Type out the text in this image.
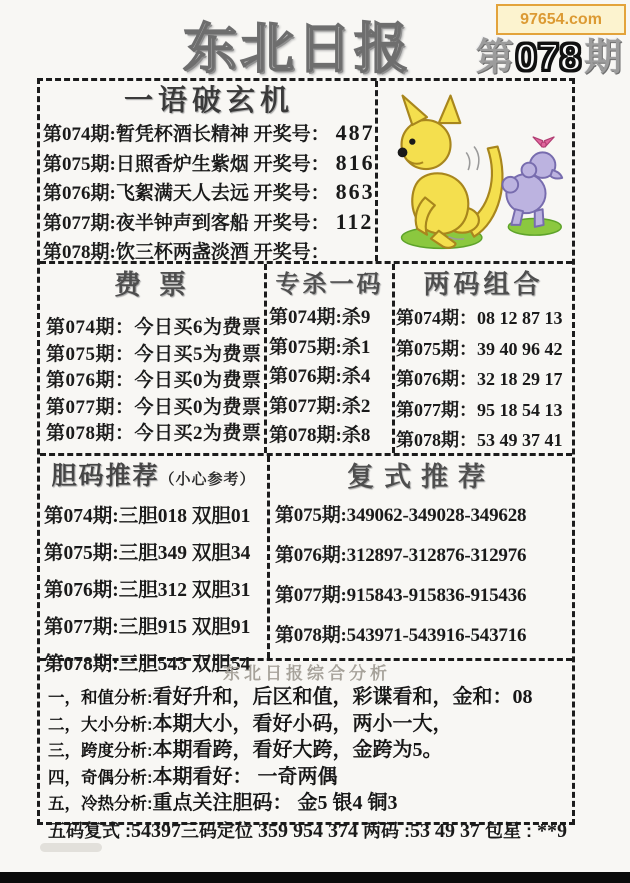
97654.com
东北日报	第078期
一语破玄机
第074期:暂凭杯酒长精神 开奖号： 487
第075期:日照香炉生紫烟 开奖号： 816
第076期:飞絮满天人去远 开奖号： 863
第077期:夜半钟声到客船 开奖号： 112
第078期:饮三杯两盏淡酒 开奖号：
费票
第074期：今日买6为费票
第075期：今日买5为费票
第076期：今日买0为费票
第077期：今日买0为费票
第078期：今日买2为费票
专杀一码
第074期:杀9
第075期:杀1
第076期:杀4
第077期:杀2
第078期:杀8
两码组合
第074期：08 12 87 13
第075期：39 40 96 42
第076期：32 18 29 17
第077期：95 18 54 13
第078期：53 49 37 41
胆码推荐（小心参考）
第074期:三胆018 双胆01
第075期:三胆349 双胆34
第076期:三胆312 双胆31
第077期:三胆915 双胆91
第078期:三胆543 双胆54
复式推荐
第075期:349062-349028-349628
第076期:312897-312876-312976
第077期:915843-915836-915436
第078期:543971-543916-543716
东北日报综合分析
一，和值分析:看好升和，后区和值，彩谍看和，金和：08
二，大小分析:本期大小，看好小码，两小一大，
三，跨度分析:本期看跨，看好大跨，金跨为5。
四，奇偶分析:本期看好： 一奇两偶
五，冷热分析:重点关注胆码： 金5 银4 铜3
五码复式 :54397三码定位 359 954 374 两码 :53 49 37 包星 : **9
